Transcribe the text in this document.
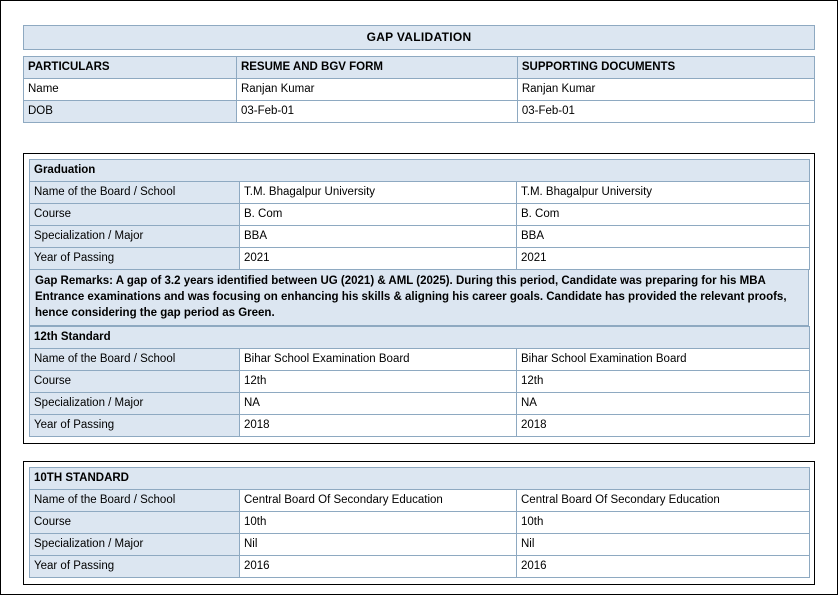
GAP VALIDATION
PARTICULARS	RESUME AND BGV FORM	SUPPORTING DOCUMENTS
Name	Ranjan Kumar	Ranjan Kumar
DOB	03-Feb-01	03-Feb-01
Graduation		
Name of the Board / School	T.M. Bhagalpur University	T.M. Bhagalpur University
Course	B. Com	B. Com
Specialization / Major	BBA	BBA
Year of Passing	2021	2021
Gap Remarks: A gap of 3.2 years identified between UG (2021) & AML (2025). During this period, Candidate was preparing for his MBA Entrance examinations and was focusing on enhancing his skills & aligning his career goals. Candidate has provided the relevant proofs, hence considering the gap period as Green.
12th Standard		
Name of the Board / School	Bihar School Examination Board	Bihar School Examination Board
Course	12th	12th
Specialization / Major	NA	NA
Year of Passing	2018	2018
10TH STANDARD		
Name of the Board / School	Central Board Of Secondary Education	Central Board Of Secondary Education
Course	10th	10th
Specialization / Major	Nil	Nil
Year of Passing	2016	2016
